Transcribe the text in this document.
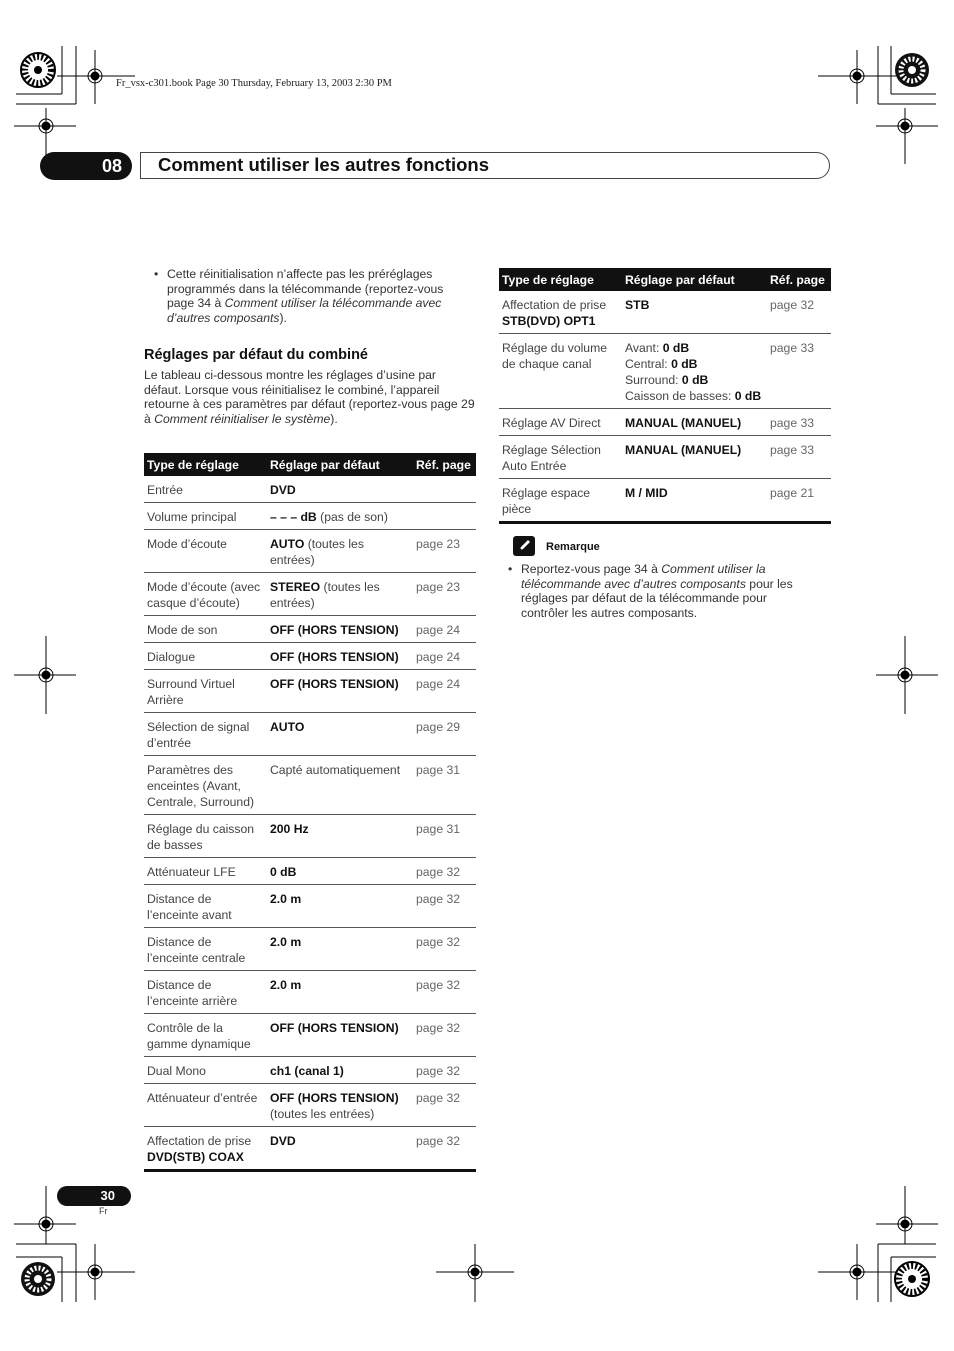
Fr_vsx-c301.book Page 30 Thursday, February 13, 2003 2:30 PM
08	Comment utiliser les autres fonctions
• Cette réinitialisation n’affecte pas les préréglages programmés dans la télécommande (reportez-vous page 34 à Comment utiliser la télécommande avec d’autres composants).
Réglages par défaut du combiné
Le tableau ci-dessous montre les réglages d’usine par défaut. Lorsque vous réinitialisez le combiné, l’appareil retourne à ces paramètres par défaut (reportez-vous page 29 à Comment réinitialiser le système).
Type de réglage	Réglage par défaut	Réf. page
Entrée	DVD	
Volume principal	– – – dB (pas de son)	
Mode d’écoute	AUTO (toutes les entrées)	page 23
Mode d’écoute (avec casque d’écoute)	STEREO (toutes les entrées)	page 23
Mode de son	OFF (HORS TENSION)	page 24
Dialogue	OFF (HORS TENSION)	page 24
Surround Virtuel Arrière	OFF (HORS TENSION)	page 24
Sélection de signal d’entrée	AUTO	page 29
Paramètres des enceintes (Avant, Centrale, Surround)	Capté automatiquement	page 31
Réglage du caisson de basses	200 Hz	page 31
Atténuateur LFE	0 dB	page 32
Distance de l’enceinte avant	2.0 m	page 32
Distance de l’enceinte centrale	2.0 m	page 32
Distance de l’enceinte arrière	2.0 m	page 32
Contrôle de la gamme dynamique	OFF (HORS TENSION)	page 32
Dual Mono	ch1 (canal 1)	page 32
Atténuateur d’entrée	OFF (HORS TENSION) (toutes les entrées)	page 32
Affectation de prise
DVD(STB) COAX	DVD	page 32
Type de réglage	Réglage par défaut	Réf. page
Affectation de prise
STB(DVD) OPT1	STB	page 32
Réglage du volume de chaque canal	Avant: 0 dB
Central: 0 dB
Surround: 0 dB
Caisson de basses: 0 dB	page 33
Réglage AV Direct	MANUAL (MANUEL)	page 33
Réglage Sélection Auto Entrée	MANUAL (MANUEL)	page 33
Réglage espace pièce	M / MID	page 21
Remarque
• Reportez-vous page 34 à Comment utiliser la télécommande avec d’autres composants pour les réglages par défaut de la télécommande pour contrôler les autres composants.
30
Fr
